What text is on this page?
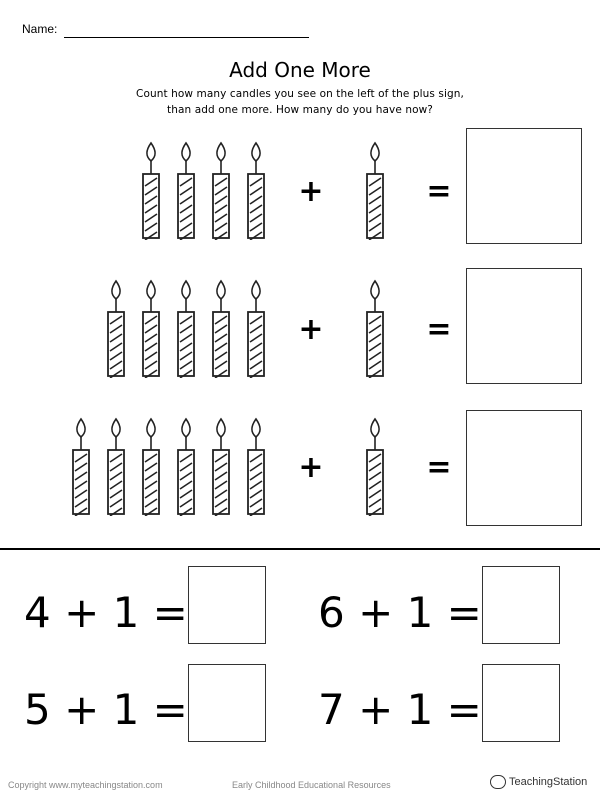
Name:
Add One More
Count how many candles you see on the left of the plus sign,
than add one more. How many do you have now?
+	=
+	=
+	=
4 + 1 =	6 + 1 =
5 + 1 =	7 + 1 =
Copyright www.myteachingstation.com	Early Childhood Educational Resources	TeachingStation
